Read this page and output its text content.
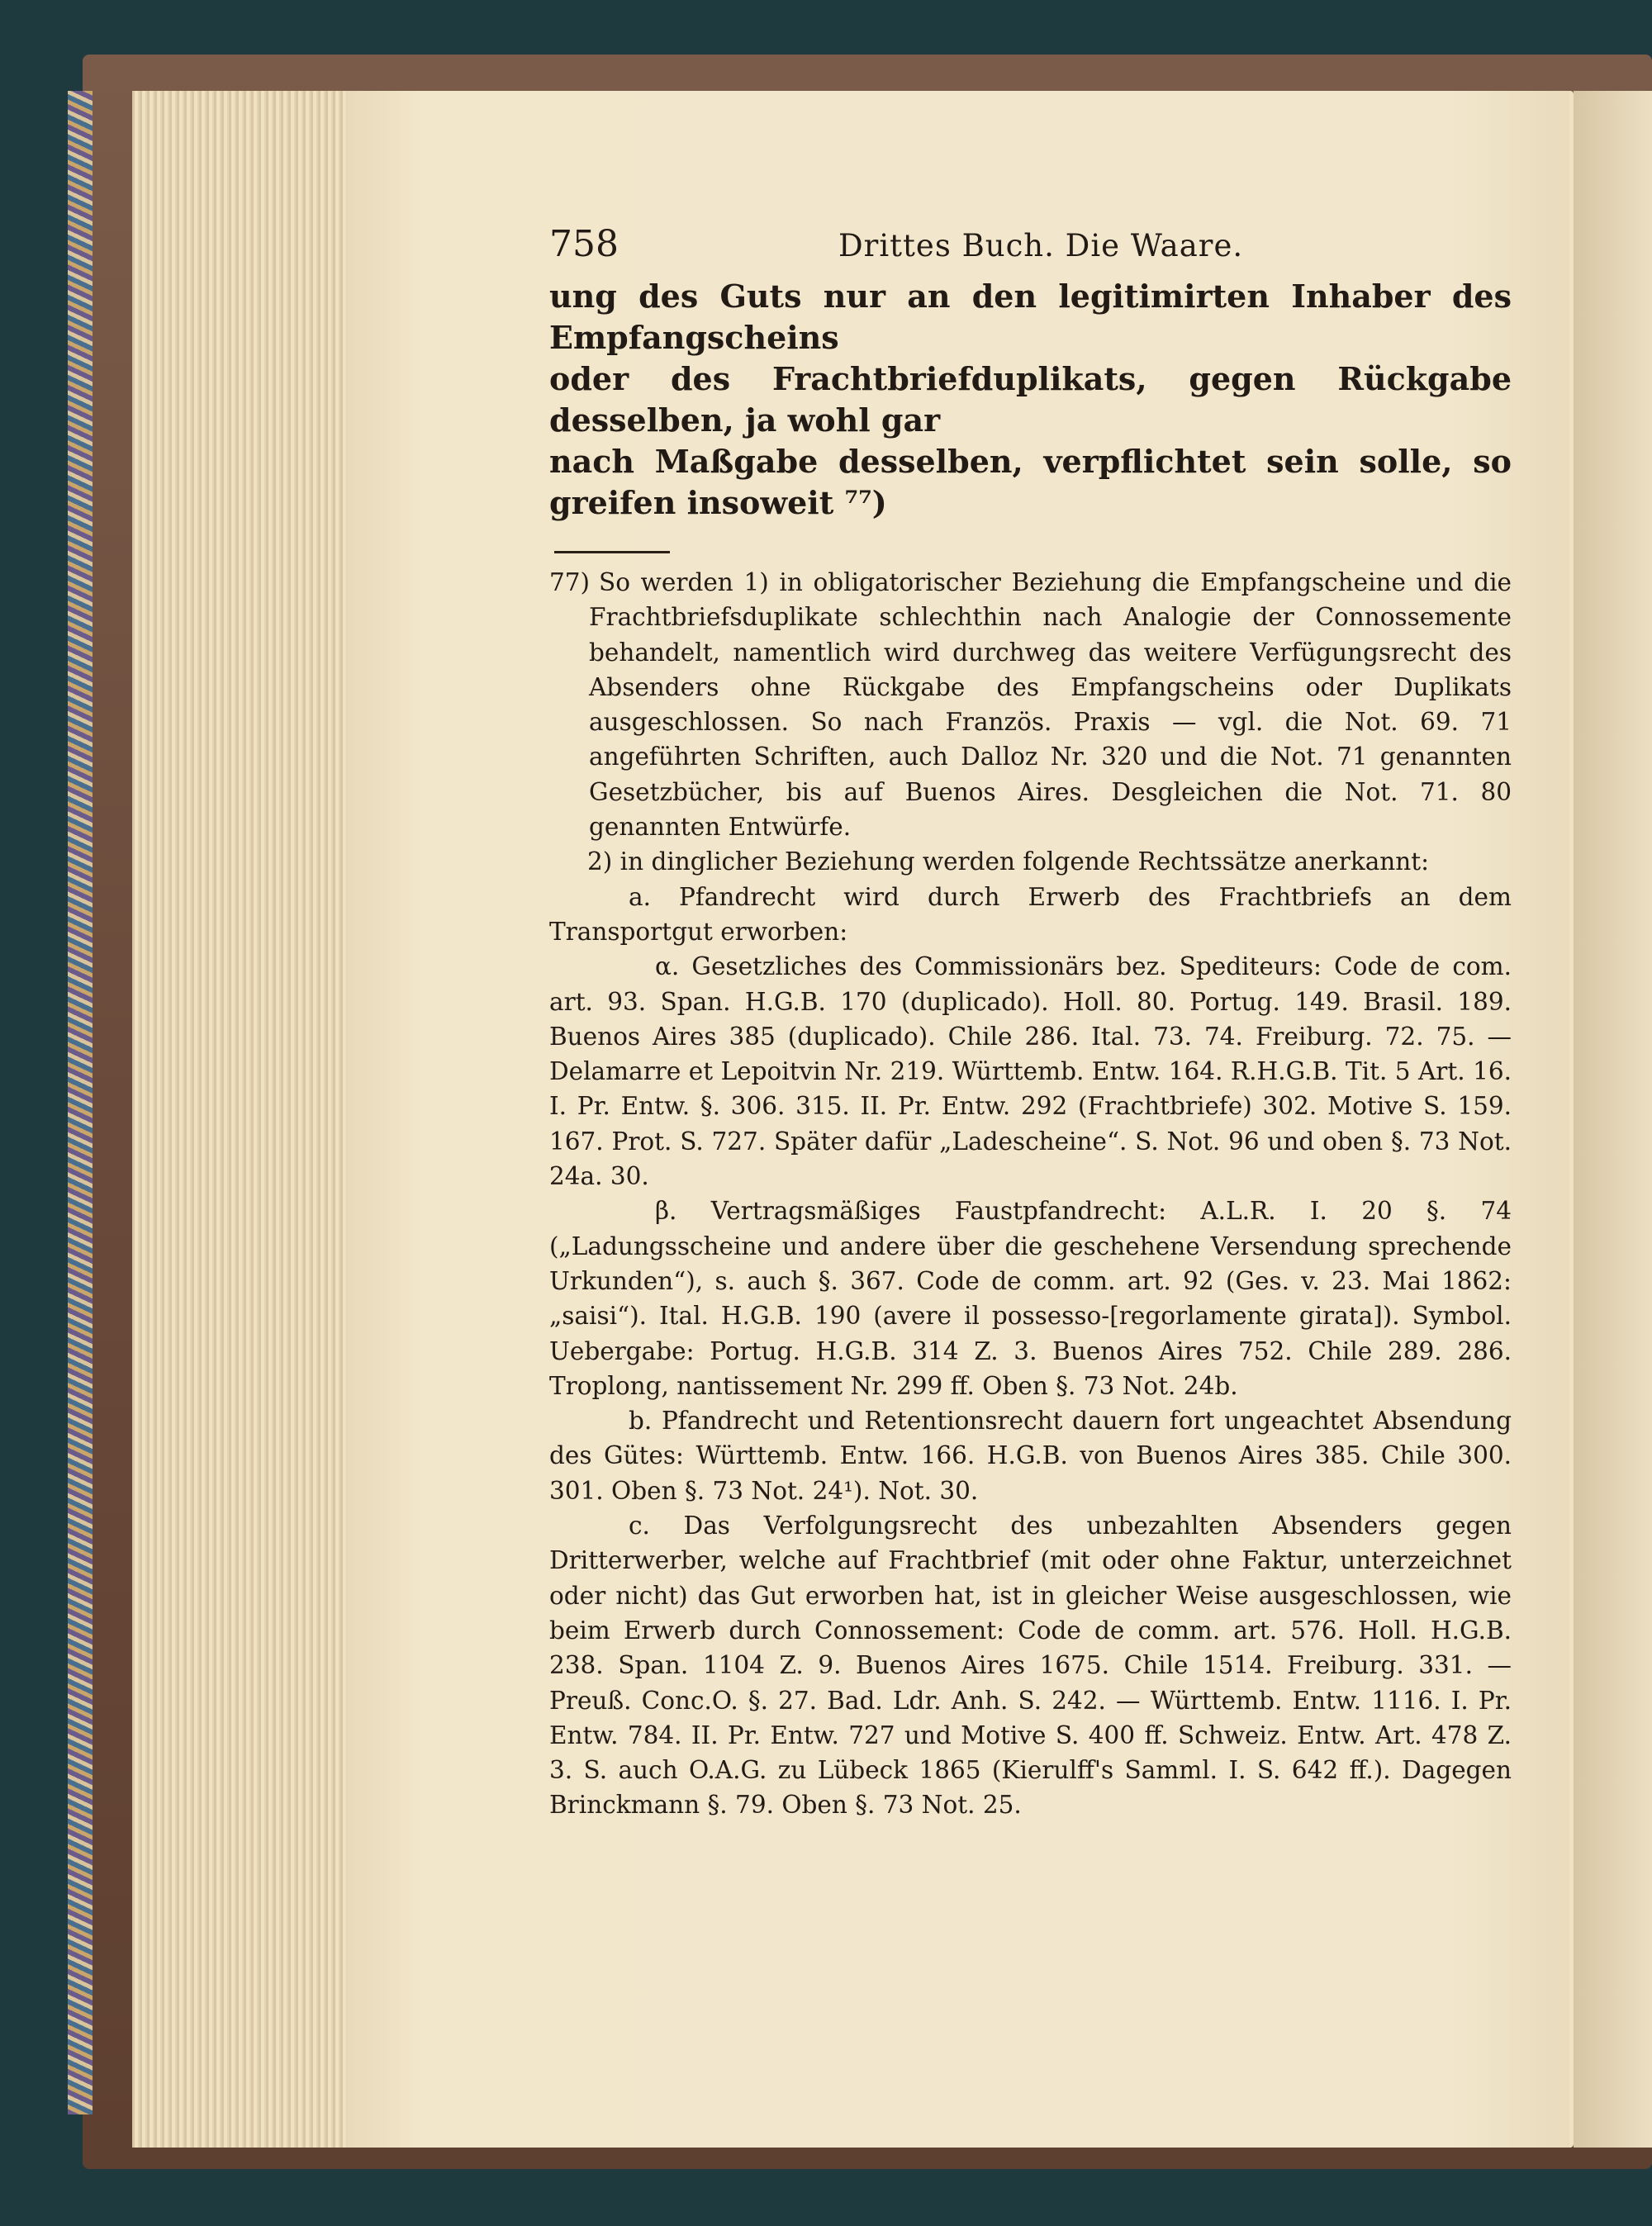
758	Drittes Buch. Die Waare.

ung des Guts nur an den legitimirten Inhaber des Empfangscheins

oder des Frachtbriefduplikats, gegen Rückgabe desselben, ja wohl gar

nach Maßgabe desselben, verpflichtet sein solle, so greifen insoweit ⁷⁷)

77) So werden 1) in obligatorischer Beziehung die Empfangscheine und die Frachtbriefsduplikate schlechthin nach Analogie der Connossemente behandelt, namentlich wird durchweg das weitere Verfügungsrecht des Absenders ohne Rückgabe des Empfangscheins oder Duplikats ausgeschlossen. So nach Französ. Praxis — vgl. die Not. 69. 71 angeführten Schriften, auch Dalloz Nr. 320 und die Not. 71 genannten Gesetzbücher, bis auf Buenos Aires. Desgleichen die Not. 71. 80 genannten Entwürfe.

2) in dinglicher Beziehung werden folgende Rechtssätze anerkannt:

a. Pfandrecht wird durch Erwerb des Frachtbriefs an dem Transportgut erworben:

α. Gesetzliches des Commissionärs bez. Spediteurs: Code de com. art. 93. Span. H.G.B. 170 (duplicado). Holl. 80. Portug. 149. Brasil. 189. Buenos Aires 385 (duplicado). Chile 286. Ital. 73. 74. Freiburg. 72. 75. — Delamarre et Lepoitvin Nr. 219. Württemb. Entw. 164. R.H.G.B. Tit. 5 Art. 16. I. Pr. Entw. §. 306. 315. II. Pr. Entw. 292 (Frachtbriefe) 302. Motive S. 159. 167. Prot. S. 727. Später dafür „Ladescheine“. S. Not. 96 und oben §. 73 Not. 24a. 30.

β. Vertragsmäßiges Faustpfandrecht: A.L.R. I. 20 §. 74 („Ladungsscheine und andere über die geschehene Versendung sprechende Urkunden“), s. auch §. 367. Code de comm. art. 92 (Ges. v. 23. Mai 1862: „saisi“). Ital. H.G.B. 190 (avere il possesso-[regorlamente girata]). Symbol. Uebergabe: Portug. H.G.B. 314 Z. 3. Buenos Aires 752. Chile 289. 286. Troplong, nantissement Nr. 299 ff. Oben §. 73 Not. 24b.

b. Pfandrecht und Retentionsrecht dauern fort ungeachtet Absendung des Gütes: Württemb. Entw. 166. H.G.B. von Buenos Aires 385. Chile 300. 301. Oben §. 73 Not. 24¹). Not. 30.

c. Das Verfolgungsrecht des unbezahlten Absenders gegen Dritterwerber, welche auf Frachtbrief (mit oder ohne Faktur, unterzeichnet oder nicht) das Gut erworben hat, ist in gleicher Weise ausgeschlossen, wie beim Erwerb durch Connossement: Code de comm. art. 576. Holl. H.G.B. 238. Span. 1104 Z. 9. Buenos Aires 1675. Chile 1514. Freiburg. 331. — Preuß. Conc.O. §. 27. Bad. Ldr. Anh. S. 242. — Württemb. Entw. 1116. I. Pr. Entw. 784. II. Pr. Entw. 727 und Motive S. 400 ff. Schweiz. Entw. Art. 478 Z. 3. S. auch O.A.G. zu Lübeck 1865 (Kierulff's Samml. I. S. 642 ff.). Dagegen Brinckmann §. 79. Oben §. 73 Not. 25.
